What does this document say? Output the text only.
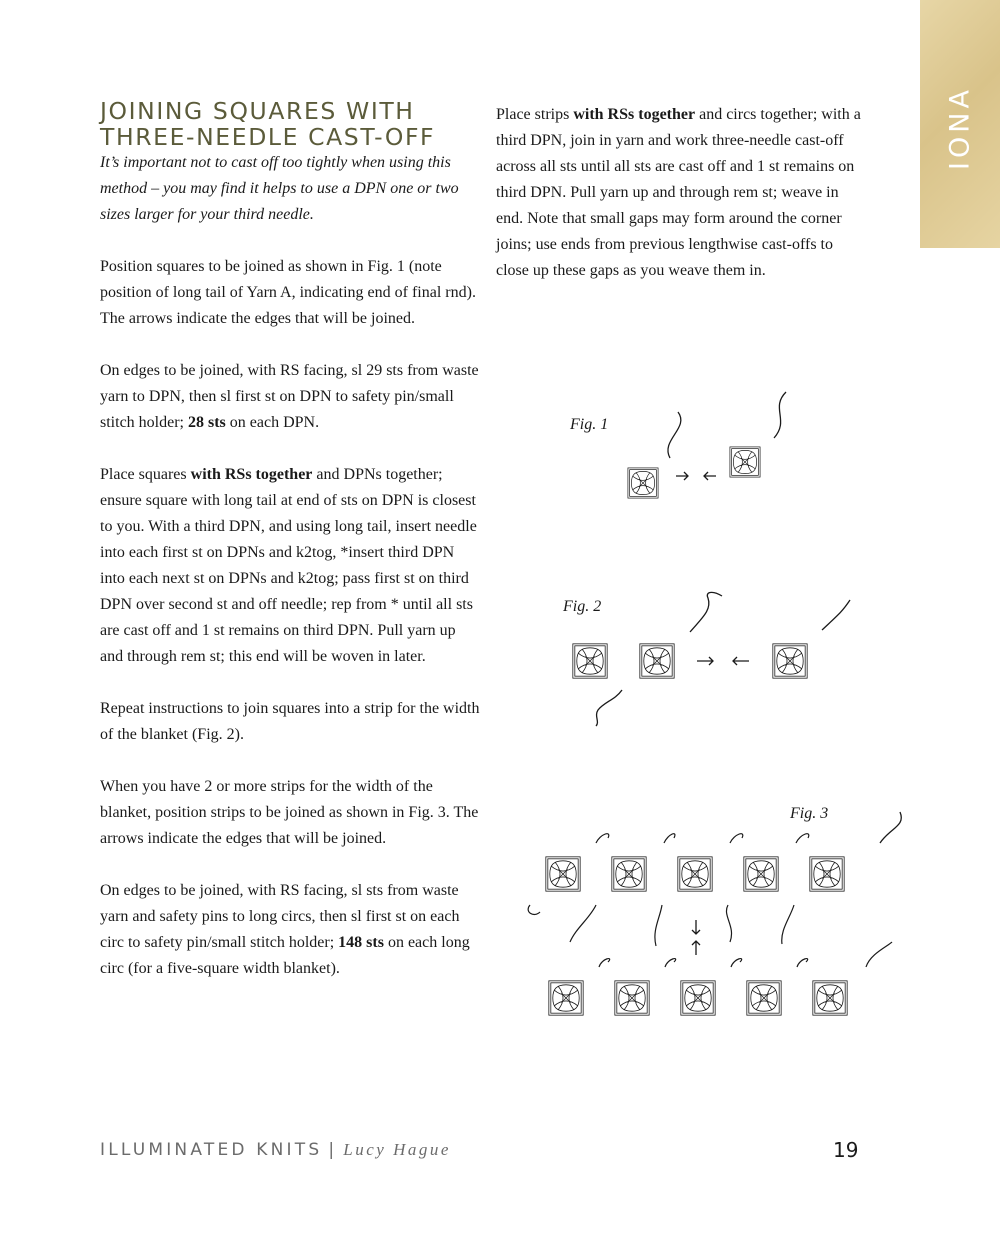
IONA
JOINING SQUARES WITH
THREE-NEEDLE CAST-OFF

It’s important not to cast off too tightly when using this method – you may find it helps to use a DPN one or two sizes larger for your third needle.

Position squares to be joined as shown in Fig. 1 (note position of long tail of Yarn A, indicating end of final rnd). The arrows indicate the edges that will be joined.

On edges to be joined, with RS facing, sl 29 sts from waste yarn to DPN, then sl first st on DPN to safety pin/small stitch holder; 28 sts on each DPN.

Place squares with RSs together and DPNs together; ensure square with long tail at end of sts on DPN is closest to you. With a third DPN, and using long tail, insert needle into each first st on DPNs and k2tog, *insert third DPN into each next st on DPNs and k2tog; pass first st on third DPN over second st and off needle; rep from * until all sts are cast off and 1 st remains on third DPN. Pull yarn up and through rem st; this end will be woven in later.

Repeat instructions to join squares into a strip for the width of the blanket (Fig. 2).

When you have 2 or more strips for the width of the blanket, position strips to be joined as shown in Fig. 3. The arrows indicate the edges that will be joined.

On edges to be joined, with RS facing, sl sts from waste yarn and safety pins to long circs, then sl first st on each circ to safety pin/small stitch holder; 148 sts on each long circ (for a five-square width blanket).

Place strips with RSs together and circs together; with a third DPN, join in yarn and work three-needle cast-off across all sts until all sts are cast off and 1 st remains on third DPN. Pull yarn up and through rem st; weave in end. Note that small gaps may form around the corner joins; use ends from previous lengthwise cast-offs to close up these gaps as you weave them in.

Fig. 1
Fig. 2
Fig. 3
ILLUMINATED KNITS | Lucy Hague	19
